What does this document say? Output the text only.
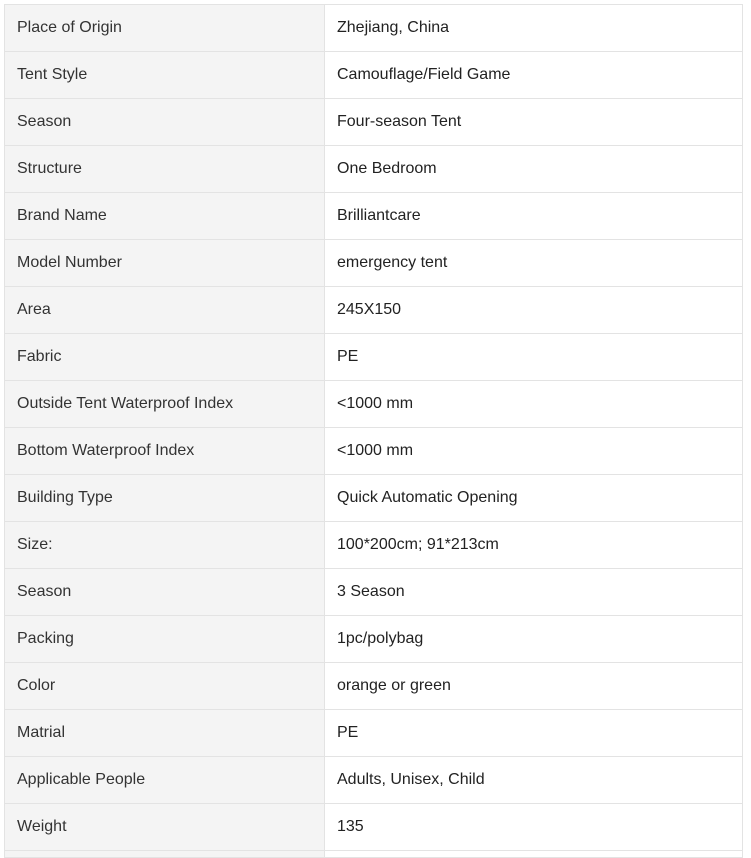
Place of Origin	Zhejiang, China
Tent Style	Camouflage/Field Game
Season	Four-season Tent
Structure	One Bedroom
Brand Name	Brilliantcare
Model Number	emergency tent
Area	245X150
Fabric	PE
Outside Tent Waterproof Index	<1000 mm
Bottom Waterproof Index	<1000 mm
Building Type	Quick Automatic Opening
Size:	100*200cm; 91*213cm
Season	3 Season
Packing	1pc/polybag
Color	orange or green
Matrial	PE
Applicable People	Adults, Unisex, Child
Weight	135
